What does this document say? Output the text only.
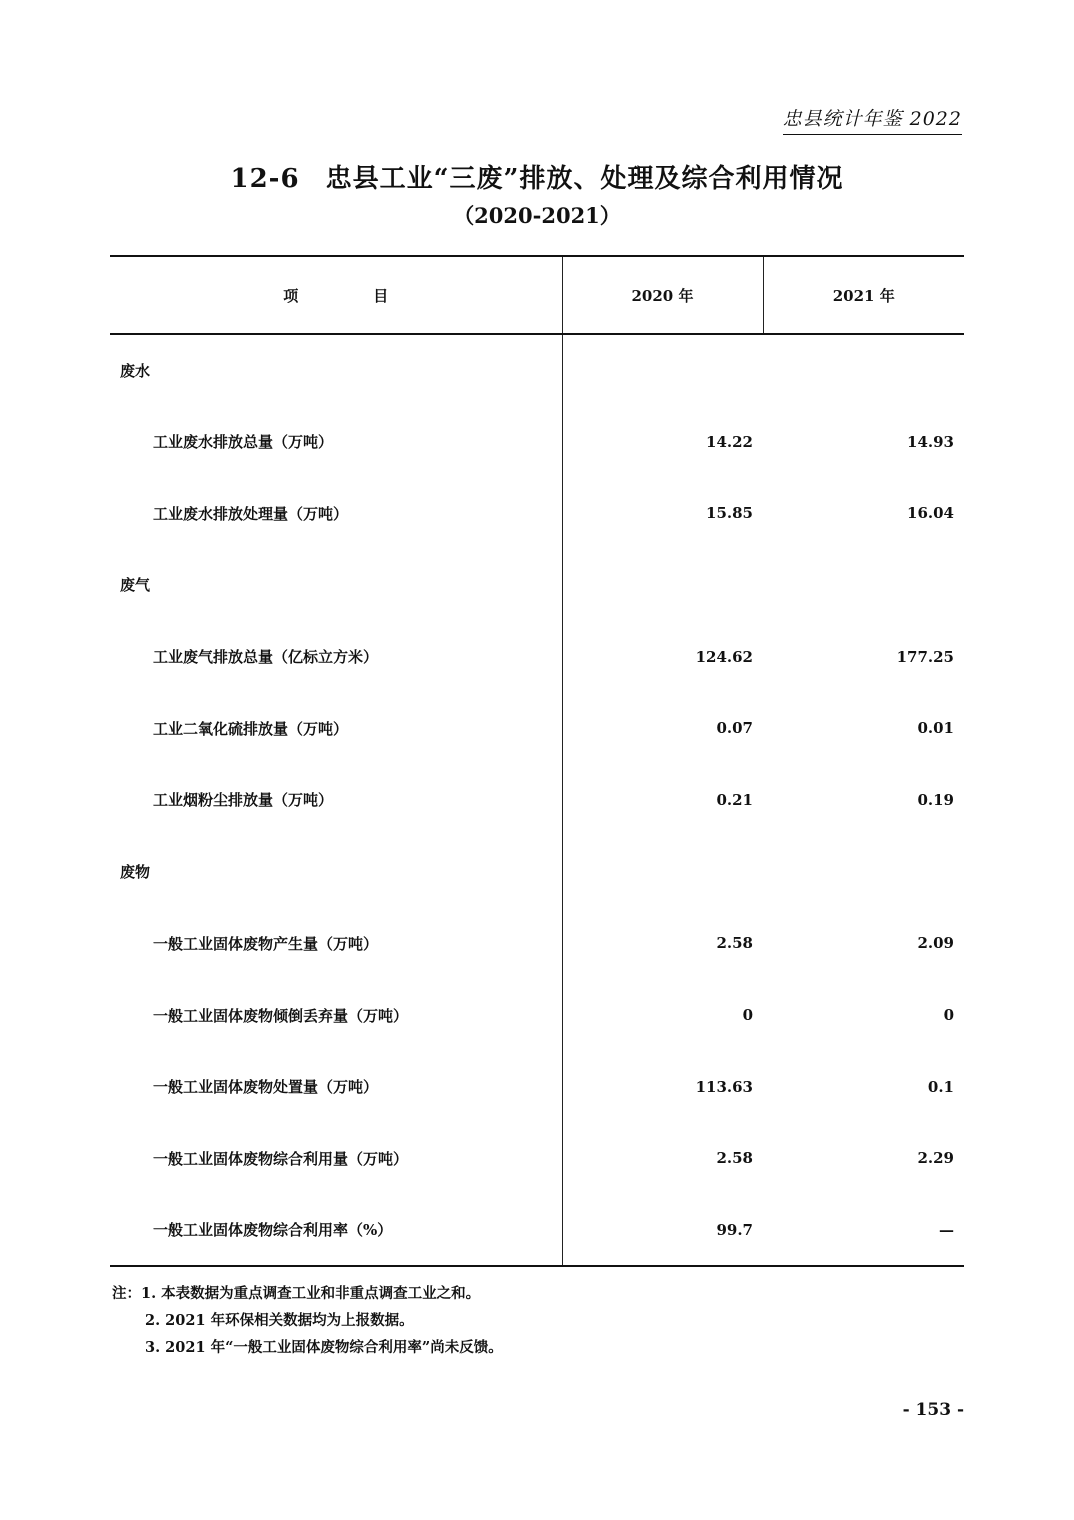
忠县统计年鉴 2022
12-6 忠县工业“三废”排放、处理及综合利用情况
（2020-2021）
项　　　　　目	2020 年	2021 年
废水		
工业废水排放总量（万吨）	14.22	14.93
工业废水排放处理量（万吨）	15.85	16.04
废气		
工业废气排放总量（亿标立方米）	124.62	177.25
工业二氧化硫排放量（万吨）	0.07	0.01
工业烟粉尘排放量（万吨）	0.21	0.19
废物		
一般工业固体废物产生量（万吨）	2.58	2.09
一般工业固体废物倾倒丢弃量（万吨）	0	0
一般工业固体废物处置量（万吨）	113.63	0.1
一般工业固体废物综合利用量（万吨）	2.58	2.29
一般工业固体废物综合利用率（%）	99.7	—
注：1. 本表数据为重点调查工业和非重点调查工业之和。
2. 2021 年环保相关数据均为上报数据。
3. 2021 年“一般工业固体废物综合利用率”尚未反馈。
- 153 -
